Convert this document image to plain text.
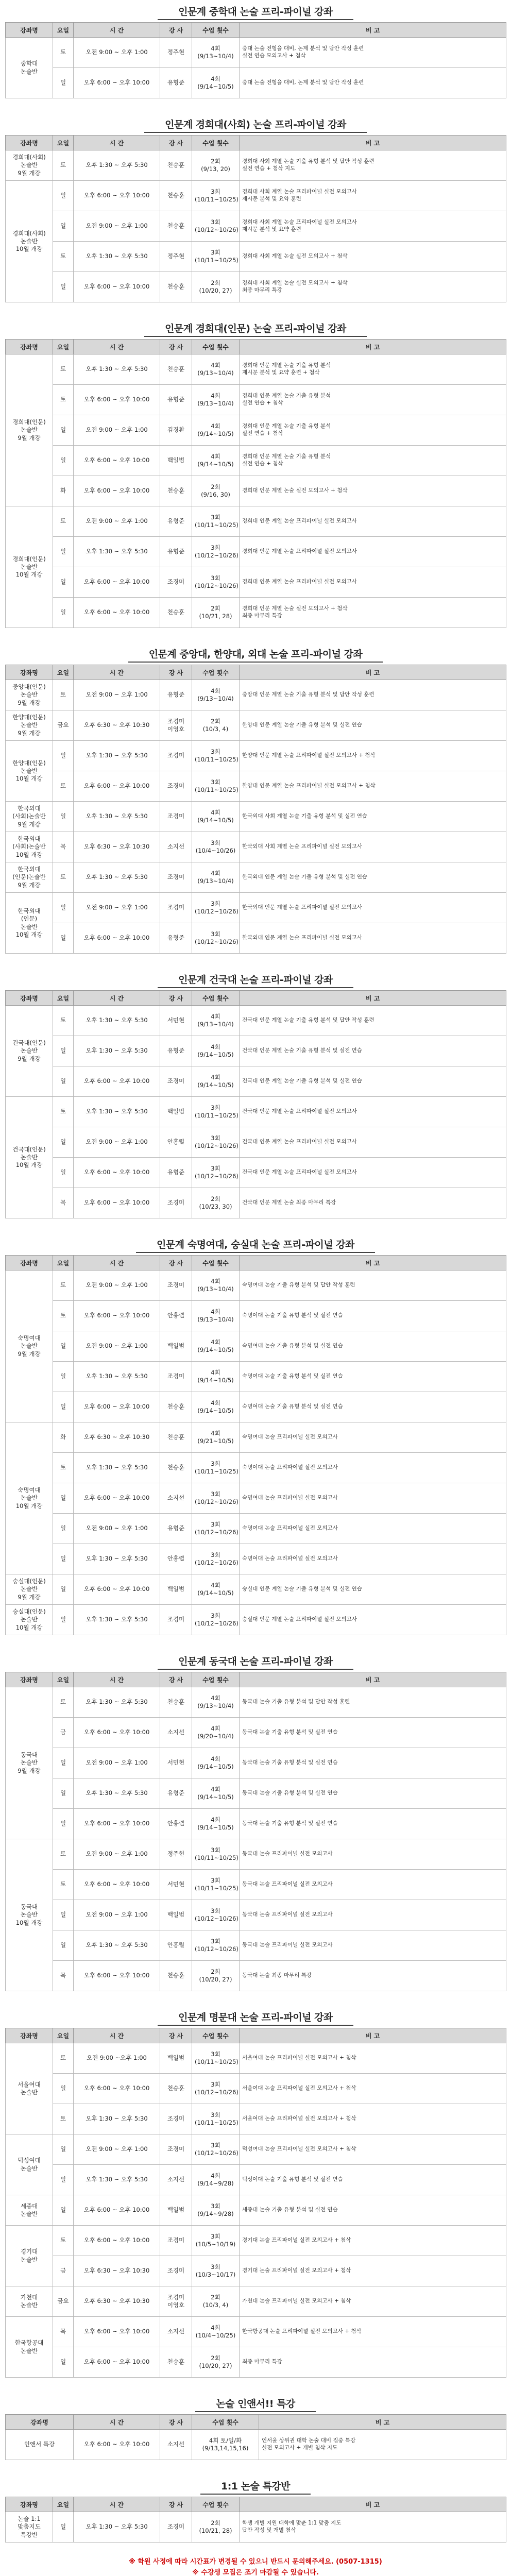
인문계 중학대 논술 프리-파이널 강좌
강좌명	요일	시 간	강 사	수업 횟수	비 고
중학대
논술반	토	오전 9:00 ~ 오후 1:00	정주현	4회
(9/13~10/4)	중대 논술 전형을 대비, 논제 분석 및 답안 작성 훈련
실전 연습 모의고사 + 첨삭
	일	오후 6:00 ~ 오후 10:00	유형준	4회
(9/14~10/5)	중대 논술 전형을 대비, 논제 분석 및 답안 작성 훈련
인문계 경희대(사회) 논술 프리-파이널 강좌
강좌명	요일	시 간	강 사	수업 횟수	비 고
경희대(사회)
논술반
9월 개강	토	오후 1:30 ~ 오후 5:30	천승훈	2회
(9/13, 20)	경희대 사회 계열 논술 기출 유형 분석 및 답안 작성 훈련
실전 연습 + 첨삭 지도
경희대(사회)
논술반
10월 개강	일	오후 6:00 ~ 오후 10:00	천승훈	3회
(10/11~10/25)	경희대 사회 계열 논술 프리파이널 실전 모의고사
제시문 분석 및 요약 훈련
	일	오전 9:00 ~ 오후 1:00	천승훈	3회
(10/12~10/26)	경희대 사회 계열 논술 프리파이널 실전 모의고사
제시문 분석 및 요약 훈련
	토	오후 1:30 ~ 오후 5:30	정주현	3회
(10/11~10/25)	경희대 사회 계열 논술 실전 모의고사 + 첨삭
	일	오후 6:00 ~ 오후 10:00	천승훈	2회
(10/20, 27)	경희대 사회 계열 논술 실전 모의고사 + 첨삭
최종 마무리 특강
인문계 경희대(인문) 논술 프리-파이널 강좌
강좌명	요일	시 간	강 사	수업 횟수	비 고
경희대(인문)
논술반
9월 개강	토	오후 1:30 ~ 오후 5:30	천승훈	4회
(9/13~10/4)	경희대 인문 계열 논술 기출 유형 분석
제시문 분석 및 요약 훈련 + 첨삭
	토	오후 6:00 ~ 오후 10:00	유형준	4회
(9/13~10/4)	경희대 인문 계열 논술 기출 유형 분석
실전 연습 + 첨삭
	일	오전 9:00 ~ 오후 1:00	김경환	4회
(9/14~10/5)	경희대 인문 계열 논술 기출 유형 분석
실전 연습 + 첨삭
	일	오후 6:00 ~ 오후 10:00	백일범	4회
(9/14~10/5)	경희대 인문 계열 논술 기출 유형 분석
실전 연습 + 첨삭
	화	오후 6:00 ~ 오후 10:00	천승훈	2회
(9/16, 30)	경희대 인문 계열 논술 실전 모의고사 + 첨삭
경희대(인문)
논술반
10월 개강	토	오전 9:00 ~ 오후 1:00	유형준	3회
(10/11~10/25)	경희대 인문 계열 논술 프리파이널 실전 모의고사
	일	오후 1:30 ~ 오후 5:30	유형준	3회
(10/12~10/26)	경희대 인문 계열 논술 프리파이널 실전 모의고사
	일	오후 6:00 ~ 오후 10:00	조경미	3회
(10/12~10/26)	경희대 인문 계열 논술 프리파이널 실전 모의고사
	일	오후 6:00 ~ 오후 10:00	천승훈	2회
(10/21, 28)	경희대 인문 계열 논술 실전 모의고사 + 첨삭
최종 마무리 특강
인문계 중앙대, 한양대, 외대 논술 프리-파이널 강좌
강좌명	요일	시 간	강 사	수업 횟수	비 고
중앙대(인문)
논술반
9월 개강	토	오전 9:00 ~ 오후 1:00	유형준	4회
(9/13~10/4)	중앙대 인문 계열 논술 기출 유형 분석 및 답안 작성 훈련
한양대(인문)
논술반
9월 개강	금요	오후 6:30 ~ 오후 10:30	조경미
이영호	2회
(10/3, 4)	한양대 인문 계열 논술 기출 유형 분석 및 실전 연습
한양대(인문)
논술반
10월 개강	일	오후 1:30 ~ 오후 5:30	조경미	3회
(10/11~10/25)	한양대 인문 계열 논술 프리파이널 실전 모의고사 + 첨삭
	토	오후 6:00 ~ 오후 10:00	조경미	3회
(10/11~10/25)	한양대 인문 계열 논술 프리파이널 실전 모의고사 + 첨삭
한국외대
(사회)논술반
9월 개강	일	오후 1:30 ~ 오후 5:30	조경미	4회
(9/14~10/5)	한국외대 사회 계열 논술 기출 유형 분석 및 실전 연습
한국외대
(사회)논술반
10월 개강	목	오후 6:30 ~ 오후 10:30	소지선	3회
(10/4~10/26)	한국외대 사회 계열 논술 프리파이널 실전 모의고사
한국외대
(인문)논술반
9월 개강	토	오후 1:30 ~ 오후 5:30	조경미	4회
(9/13~10/4)	한국외대 인문 계열 논술 기출 유형 분석 및 실전 연습
한국외대
(인문)
논술반
10월 개강	일	오전 9:00 ~ 오후 1:00	조경미	3회
(10/12~10/26)	한국외대 인문 계열 논술 프리파이널 실전 모의고사
	일	오후 6:00 ~ 오후 10:00	유형준	3회
(10/12~10/26)	한국외대 인문 계열 논술 프리파이널 실전 모의고사
인문계 건국대 논술 프리-파이널 강좌
강좌명	요일	시 간	강 사	수업 횟수	비 고
건국대(인문)
논술반
9월 개강	토	오후 1:30 ~ 오후 5:30	서민현	4회
(9/13~10/4)	건국대 인문 계열 논술 기출 유형 분석 및 답안 작성 훈련
	일	오후 1:30 ~ 오후 5:30	유형준	4회
(9/14~10/5)	건국대 인문 계열 논술 기출 유형 분석 및 실전 연습
	일	오후 6:00 ~ 오후 10:00	조경미	4회
(9/14~10/5)	건국대 인문 계열 논술 기출 유형 분석 및 실전 연습
건국대(인문)
논술반
10월 개강	토	오후 1:30 ~ 오후 5:30	백일범	3회
(10/11~10/25)	건국대 인문 계열 논술 프리파이널 실전 모의고사
	일	오전 9:00 ~ 오후 1:00	안홍렬	3회
(10/12~10/26)	건국대 인문 계열 논술 프리파이널 실전 모의고사
	일	오후 6:00 ~ 오후 10:00	유형준	3회
(10/12~10/26)	건국대 인문 계열 논술 프리파이널 실전 모의고사
	목	오후 6:00 ~ 오후 10:00	조경미	2회
(10/23, 30)	건국대 인문 계열 논술 최종 마무리 특강
인문계 숙명여대, 숭실대 논술 프리-파이널 강좌
강좌명	요일	시 간	강 사	수업 횟수	비 고
숙명여대
논술반
9월 개강	토	오전 9:00 ~ 오후 1:00	조경미	4회
(9/13~10/4)	숙명여대 논술 기출 유형 분석 및 답안 작성 훈련
	토	오후 6:00 ~ 오후 10:00	안홍렬	4회
(9/13~10/4)	숙명여대 논술 기출 유형 분석 및 실전 연습
	일	오전 9:00 ~ 오후 1:00	백일범	4회
(9/14~10/5)	숙명여대 논술 기출 유형 분석 및 실전 연습
	일	오후 1:30 ~ 오후 5:30	조경미	4회
(9/14~10/5)	숙명여대 논술 기출 유형 분석 및 실전 연습
	일	오후 6:00 ~ 오후 10:00	천승훈	4회
(9/14~10/5)	숙명여대 논술 기출 유형 분석 및 실전 연습
숙명여대
논술반
10월 개강	화	오후 6:30 ~ 오후 10:30	천승훈	4회
(9/21~10/5)	숙명여대 논술 프리파이널 실전 모의고사
	토	오후 1:30 ~ 오후 5:30	천승훈	3회
(10/11~10/25)	숙명여대 논술 프리파이널 실전 모의고사
	일	오후 6:00 ~ 오후 10:00	소지선	3회
(10/12~10/26)	숙명여대 논술 프리파이널 실전 모의고사
	일	오전 9:00 ~ 오후 1:00	유형준	3회
(10/12~10/26)	숙명여대 논술 프리파이널 실전 모의고사
	일	오후 1:30 ~ 오후 5:30	안홍렬	3회
(10/12~10/26)	숙명여대 논술 프리파이널 실전 모의고사
숭실대(인문)
논술반
9월 개강	일	오후 6:00 ~ 오후 10:00	백일범	4회
(9/14~10/5)	숭실대 인문 계열 논술 기출 유형 분석 및 실전 연습
숭실대(인문)
논술반
10월 개강	일	오후 1:30 ~ 오후 5:30	조경미	3회
(10/12~10/26)	숭실대 인문 계열 논술 프리파이널 실전 모의고사
인문계 동국대 논술 프리-파이널 강좌
강좌명	요일	시 간	강 사	수업 횟수	비 고
동국대
논술반
9월 개강	토	오후 1:30 ~ 오후 5:30	천승훈	4회
(9/13~10/4)	동국대 논술 기출 유형 분석 및 답안 작성 훈련
	금	오후 6:00 ~ 오후 10:00	소지선	4회
(9/20~10/4)	동국대 논술 기출 유형 분석 및 실전 연습
	일	오전 9:00 ~ 오후 1:00	서민현	4회
(9/14~10/5)	동국대 논술 기출 유형 분석 및 실전 연습
	일	오후 1:30 ~ 오후 5:30	유형준	4회
(9/14~10/5)	동국대 논술 기출 유형 분석 및 실전 연습
	일	오후 6:00 ~ 오후 10:00	안홍렬	4회
(9/14~10/5)	동국대 논술 기출 유형 분석 및 실전 연습
동국대
논술반
10월 개강	토	오전 9:00 ~ 오후 1:00	정주현	3회
(10/11~10/25)	동국대 논술 프리파이널 실전 모의고사
	토	오후 6:00 ~ 오후 10:00	서민현	3회
(10/11~10/25)	동국대 논술 프리파이널 실전 모의고사
	일	오전 9:00 ~ 오후 1:00	백일범	3회
(10/12~10/26)	동국대 논술 프리파이널 실전 모의고사
	일	오후 1:30 ~ 오후 5:30	안홍렬	3회
(10/12~10/26)	동국대 논술 프리파이널 실전 모의고사
	목	오후 6:00 ~ 오후 10:00	천승훈	2회
(10/20, 27)	동국대 논술 최종 마무리 특강
인문계 명문대 논술 프리-파이널 강좌
강좌명	요일	시 간	강 사	수업 횟수	비 고
서울여대
논술반	토	오전 9:00 ~오후 1:00	백일범	3회
(10/11~10/25)	서울여대 논술 프리파이널 실전 모의고사 + 첨삭
	일	오후 6:00 ~ 오후 10:00	천승훈	3회
(10/12~10/26)	서울여대 논술 프리파이널 실전 모의고사 + 첨삭
	토	오후 1:30 ~ 오후 5:30	조경미	3회
(10/11~10/25)	서울여대 논술 프리파이널 실전 모의고사 + 첨삭
덕성여대
논술반	일	오전 9:00 ~ 오후 1:00	조경미	3회
(10/12~10/26)	덕성여대 논술 프리파이널 실전 모의고사 + 첨삭
	일	오후 1:30 ~ 오후 5:30	소지선	4회
(9/14~9/28)	덕성여대 논술 기출 유형 분석 및 실전 연습
세종대
논술반	일	오후 6:00 ~ 오후 10:00	백일범	3회
(9/14~9/28)	세종대 논술 기출 유형 분석 및 실전 연습
경기대
논술반	토	오후 6:00 ~ 오후 10:00	조경미	3회
(10/5~10/19)	경기대 논술 프리파이널 실전 모의고사 + 첨삭
	금	오후 6:30 ~ 오후 10:30	조경미	3회
(10/3~10/17)	경기대 논술 프리파이널 실전 모의고사 + 첨삭
가천대
논술반	금요	오후 6:30 ~ 오후 10:30	조경미
이영호	2회
(10/3, 4)	가천대 논술 프리파이널 실전 모의고사 + 첨삭
한국항공대
논술반	목	오후 6:00 ~ 오후 10:00	소지선	4회
(10/4~10/25)	한국항공대 논술 프리파이널 실전 모의고사 + 첨삭
	일	오후 6:00 ~ 오후 10:00	천승훈	2회
(10/20, 27)	최종 마무리 특강
논술 인앤서!! 특강
강좌명	시 간	강 사	수업 횟수	비 고
인앤서 특강	오후 6:00 ~ 오후 10:00	소지선	4회 토/일/화
(9/13,14,15,16)	인서울 상위권 대학 논술 대비 집중 특강
실전 모의고사 + 개별 첨삭 지도
1:1 논술 특강반
강좌명	요일	시 간	강 사	수업 횟수	비 고
논술 1:1
맞춤지도
특강반	일	오후 1:30 ~ 오후 5:30	조경미	2회
(10/21, 28)	학생 개별 지원 대학에 맞춘 1:1 맞춤 지도
답안 작성 및 개별 첨삭
※ 학원 사정에 따라 시간표가 변경될 수 있으니 반드시 문의해주세요. (0507-1315)
※ 수강생 모집은 조기 마감될 수 있습니다.
